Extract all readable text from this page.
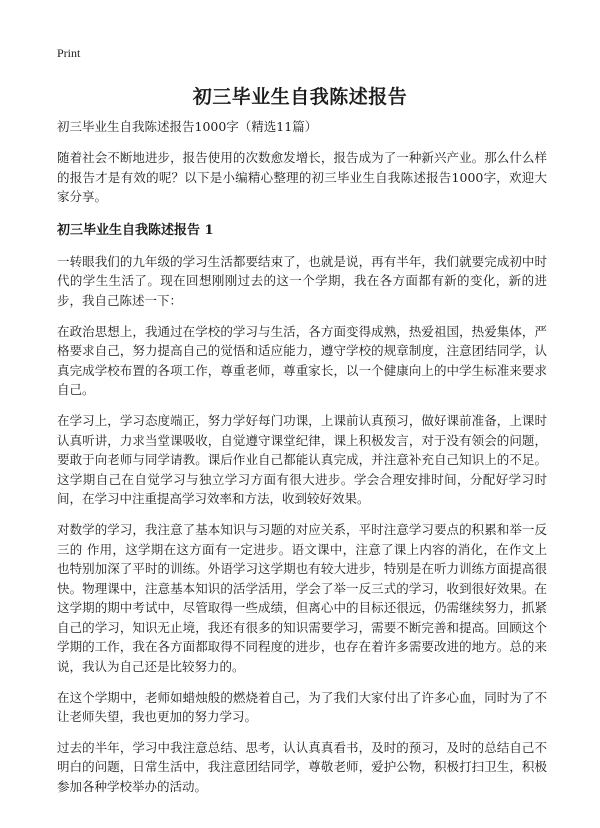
Print
初三毕业生自我陈述报告
初三毕业生自我陈述报告1000字（精选11篇）

随着社会不断地进步，报告使用的次数愈发增长，报告成为了一种新兴产业。那么什么样的报告才是有效的呢？以下是小编精心整理的初三毕业生自我陈述报告1000字，欢迎大家分享。

初三毕业生自我陈述报告 1

一转眼我们的九年级的学习生活都要结束了，也就是说，再有半年，我们就要完成初中时代的学生生活了。现在回想刚刚过去的这一个学期，我在各方面都有新的变化，新的进步，我自己陈述一下：

在政治思想上，我通过在学校的学习与生活，各方面变得成熟，热爱祖国，热爱集体，严格要求自己，努力提高自己的觉悟和适应能力，遵守学校的规章制度，注意团结同学，认真完成学校布置的各项工作，尊重老师，尊重家长，以一个健康向上的中学生标准来要求自己。

在学习上，学习态度端正，努力学好每门功课，上课前认真预习，做好课前准备，上课时认真听讲，力求当堂课吸收，自觉遵守课堂纪律，课上积极发言，对于没有领会的问题，要敢于向老师与同学请教。课后作业自己都能认真完成，并注意补充自己知识上的不足。这学期自己在自觉学习与独立学习方面有很大进步。学会合理安排时间，分配好学习时间，在学习中注重提高学习效率和方法，收到较好效果。

对数学的学习，我注意了基本知识与习题的对应关系，平时注意学习要点的积累和举一反三的 作用，这学期在这方面有一定进步。语文课中，注意了课上内容的消化，在作文上也特别加深了平时的训练。外语学习这学期也有较大进步，特别是在听力训练方面提高很快。物理课中，注意基本知识的活学活用，学会了举一反三式的学习，收到很好效果。在这学期的期中考试中，尽管取得一些成绩，但离心中的目标还很远，仍需继续努力，抓紧自己的学习，知识无止境，我还有很多的知识需要学习，需要不断完善和提高。回顾这个学期的工作，我在各方面都取得不同程度的进步，也存在着许多需要改进的地方。总的来说，我认为自己还是比较努力的。

在这个学期中，老师如蜡烛般的燃烧着自己，为了我们大家付出了许多心血，同时为了不让老师失望，我也更加的努力学习。

过去的半年，学习中我注意总结、思考，认认真真看书，及时的预习，及时的总结自己不明白的问题，日常生活中，我注意团结同学，尊敬老师，爱护公物，积极打扫卫生，积极参加各种学校举办的活动。
